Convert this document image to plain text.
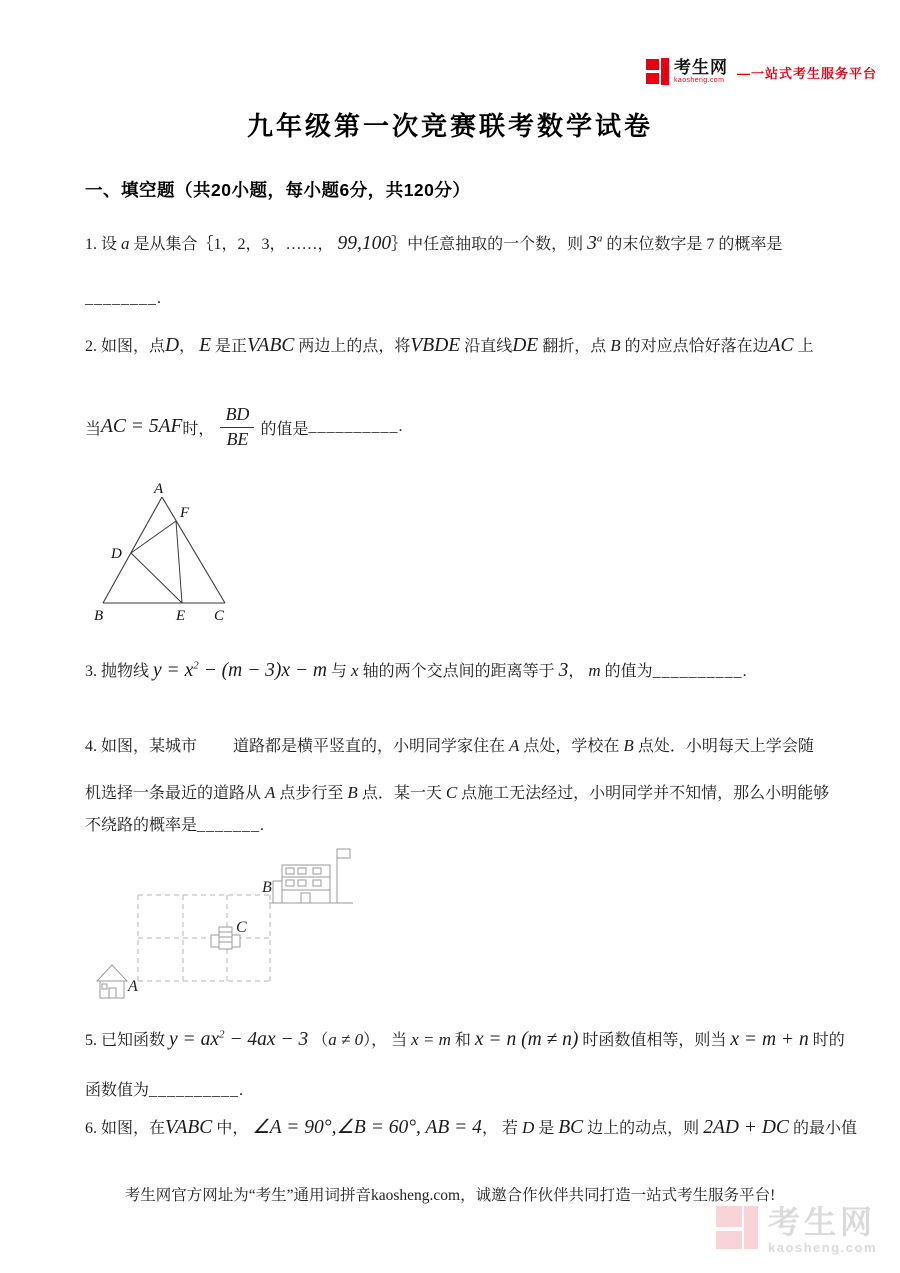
考生网
kaosheng.com —一站式考生服务平台
九年级第一次竞赛联考数学试卷
一、填空题（共20小题，每小题6分，共120分）
1. 设 a 是从集合｛1，2，3，……， 99,100｝中任意抽取的一个数，则 3$^a$ 的末位数字是 7 的概率是
________.
2. 如图，点D， E 是正VABC 两边上的点，将VBDE 沿直线DE 翻折，点 B 的对应点恰好落在边AC 上
当 AC = 5AF 时， $\frac{BD}{BE}$ 的值是 __________ .
A
F
D
B	E C
3. 抛物线 $y = x^2 - (m - 3)x - m$ 与 x 轴的两个交点间的距离等于 3， m 的值为__________.
4. 如图，某城市　　 道路都是横平竖直的，小明同学家住在 A 点处，学校在 B 点处．小明每天上学会随
机选择一条最近的道路从 A 点步行至 B 点．某一天 C 点施工无法经过，小明同学并不知情，那么小明能够
不绕路的概率是_______.
A
B
C
5. 已知函数 $y = ax^2 - 4ax - 3$ （a ≠ 0）， 当 x = m 和 x = n (m ≠ n) 时函数值相等，则当 x = m + n 时的
函数值为__________.
6. 如图，在VABC 中， ∠A = 90°,∠B = 60°, AB = 4， 若 D 是 BC 边上的动点，则 2AD + DC 的最小值
考生网官方网址为“考生”通用词拼音kaosheng.com，诚邀合作伙伴共同打造一站式考生服务平台!
考生网
kaosheng.com
